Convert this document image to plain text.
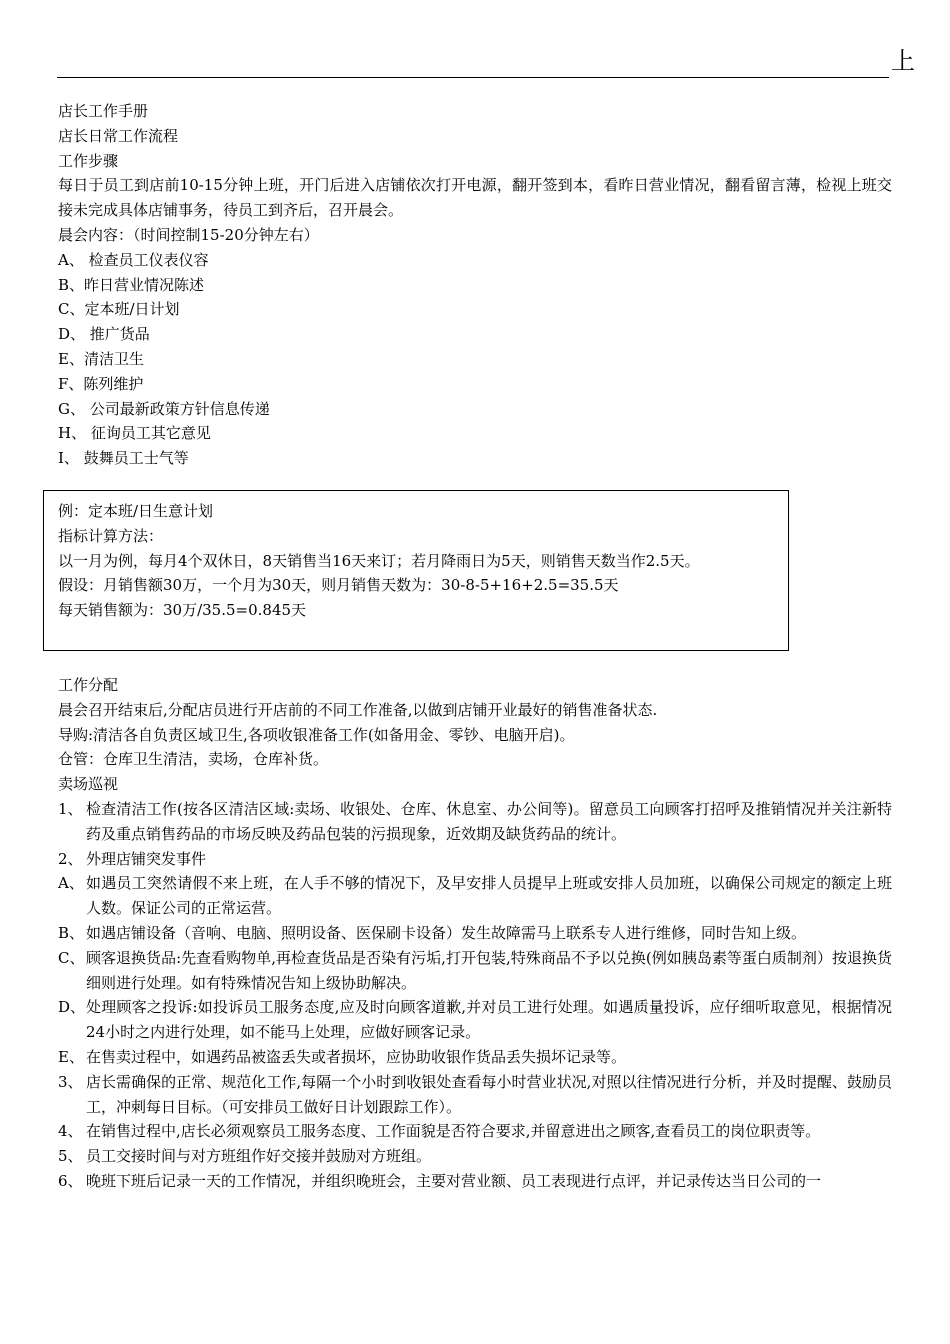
上

店长工作手册

店长日常工作流程

工作步骤

每日于员工到店前10-15分钟上班，开门后进入店铺依次打开电源，翻开签到本，看昨日营业情况，翻看留言薄，检视上班交接未完成具体店铺事务，待员工到齐后，召开晨会。

晨会内容：（时间控制15-20分钟左右）

A、 检查员工仪表仪容

B、昨日营业情况陈述

C、定本班/日计划

D、 推广货品

E、清洁卫生

F、陈列维护

G、 公司最新政策方针信息传递

H、 征询员工其它意见

I、 鼓舞员工士气等

例：定本班/日生意计划

指标计算方法：

以一月为例，每月4个双休日，8天销售当16天来订；若月降雨日为5天，则销售天数当作2.5天。

假设：月销售额30万，一个月为30天，则月销售天数为：30-8-5+16+2.5=35.5天

每天销售额为：30万/35.5=0.845天

工作分配

晨会召开结束后,分配店员进行开店前的不同工作准备,以做到店铺开业最好的销售准备状态.

导购:清洁各自负责区域卫生,各项收银准备工作(如备用金、零钞、电脑开启)。

仓管：仓库卫生清洁，卖场，仓库补货。

卖场巡视

1、 检查清洁工作(按各区清洁区域:卖场、收银处、仓库、休息室、办公间等)。留意员工向顾客打招呼及推销情况并关注新特药及重点销售药品的市场反映及药品包装的污损现象，近效期及缺货药品的统计。
2、 外理店铺突发事件
A、 如遇员工突然请假不来上班，在人手不够的情况下，及早安排人员提早上班或安排人员加班，以确保公司规定的额定上班人数。保证公司的正常运营。
B、 如遇店铺设备（音响、电脑、照明设备、医保刷卡设备）发生故障需马上联系专人进行维修，同时告知上级。
C、 顾客退换货品:先查看购物单,再检查货品是否染有污垢,打开包装,特殊商品不予以兑换(例如胰岛素等蛋白质制剂）按退换货细则进行处理。如有特殊情况告知上级协助解决。
D、 处理顾客之投诉:如投诉员工服务态度,应及时向顾客道歉,并对员工进行处理。如遇质量投诉，应仔细听取意见，根据情况24小时之内进行处理，如不能马上处理，应做好顾客记录。
E、 在售卖过程中，如遇药品被盗丢失或者损坏，应协助收银作货品丢失损坏记录等。
3、 店长需确保的正常、规范化工作,每隔一个小时到收银处查看每小时营业状况,对照以往情况进行分析，并及时提醒、鼓励员工，冲刺每日目标。（可安排员工做好日计划跟踪工作）。
4、 在销售过程中,店长必须观察员工服务态度、工作面貌是否符合要求,并留意进出之顾客,查看员工的岗位职责等。
5、 员工交接时间与对方班组作好交接并鼓励对方班组。
6、 晚班下班后记录一天的工作情况，并组织晚班会，主要对营业额、员工表现进行点评，并记录传达当日公司的一
